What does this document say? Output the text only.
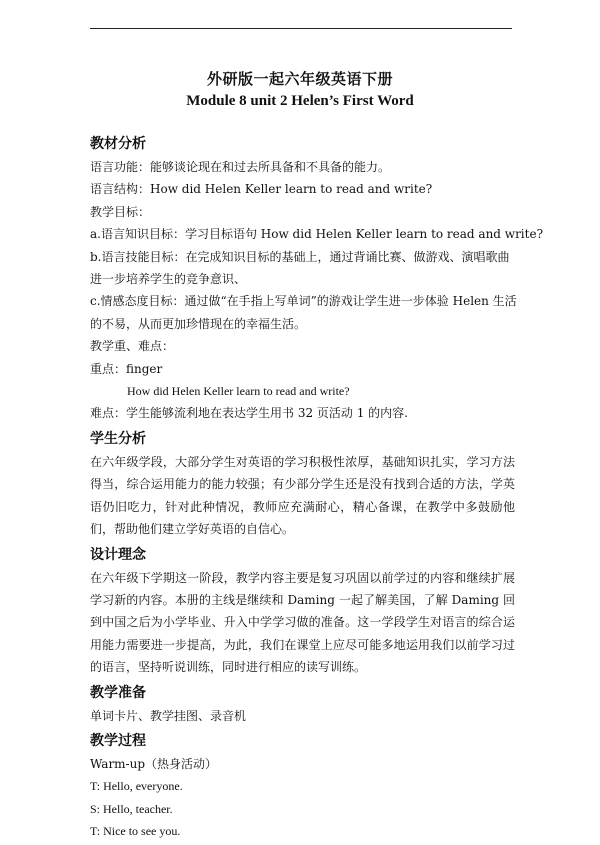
外研版一起六年级英语下册
Module 8 unit 2 Helen’s First Word
教材分析
语言功能：能够谈论现在和过去所具备和不具备的能力。
语言结构：How did Helen Keller learn to read and write?
教学目标：
a.语言知识目标：学习目标语句 How did Helen Keller learn to read and write?
b.语言技能目标：在完成知识目标的基础上，通过背诵比赛、做游戏、演唱歌曲
进一步培养学生的竞争意识、
c.情感态度目标：通过做“在手指上写单词”的游戏让学生进一步体验 Helen 生活
的不易，从而更加珍惜现在的幸福生活。
教学重、难点：
重点：finger
How did Helen Keller learn to read and write?
难点：学生能够流利地在表达学生用书 32 页活动 1 的内容.
学生分析
在六年级学段，大部分学生对英语的学习积极性浓厚，基础知识扎实，学习方法得当，综合运用能力的能力较强；有少部分学生还是没有找到合适的方法，学英语仍旧吃力，针对此种情况，教师应充满耐心，精心备课，在教学中多鼓励他们，帮助他们建立学好英语的自信心。
设计理念
在六年级下学期这一阶段，教学内容主要是复习巩固以前学过的内容和继续扩展学习新的内容。本册的主线是继续和 Daming 一起了解美国，了解 Daming 回到中国之后为小学毕业、升入中学学习做的准备。这一学段学生对语言的综合运用能力需要进一步提高，为此，我们在课堂上应尽可能多地运用我们以前学习过的语言，坚持听说训练，同时进行相应的读写训练。
教学准备
单词卡片、教学挂图、录音机
教学过程
Warm-up（热身活动）
T: Hello, everyone.
S: Hello, teacher.
T: Nice to see you.
